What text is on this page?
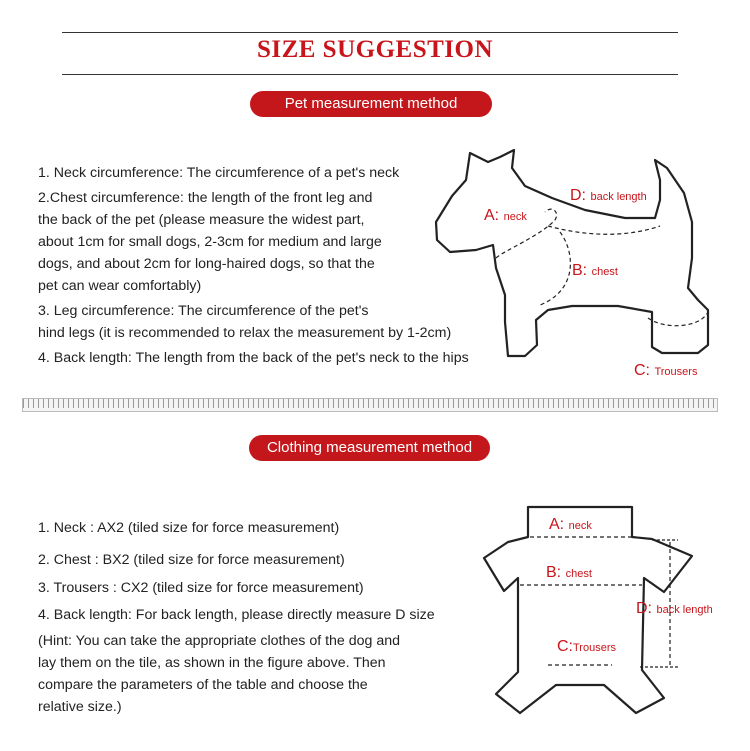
SIZE SUGGESTION
Pet measurement method
1. Neck circumference: The circumference of a pet's neck
2.Chest circumference: the length of the front leg and
the back of the pet (please measure the widest part,
about 1cm for small dogs, 2-3cm for medium and large
dogs, and about 2cm for long-haired dogs, so that the
pet can wear comfortably)
3. Leg circumference: The circumference of the pet's
hind legs (it is recommended to relax the measurement by 1-2cm)
4. Back length: The length from the back of the pet's neck to the hips
A: neck
D: back length
B: chest
C: Trousers
Clothing measurement method
1. Neck : AX2 (tiled size for force measurement)
2. Chest : BX2 (tiled size for force measurement)
3. Trousers : CX2 (tiled size for force measurement)
4. Back length: For back length, please directly measure D size
(Hint: You can take the appropriate clothes of the dog and
lay them on the tile, as shown in the figure above. Then
compare the parameters of the table and choose the
relative size.)
A: neck
B: chest
D: back length
C:Trousers
